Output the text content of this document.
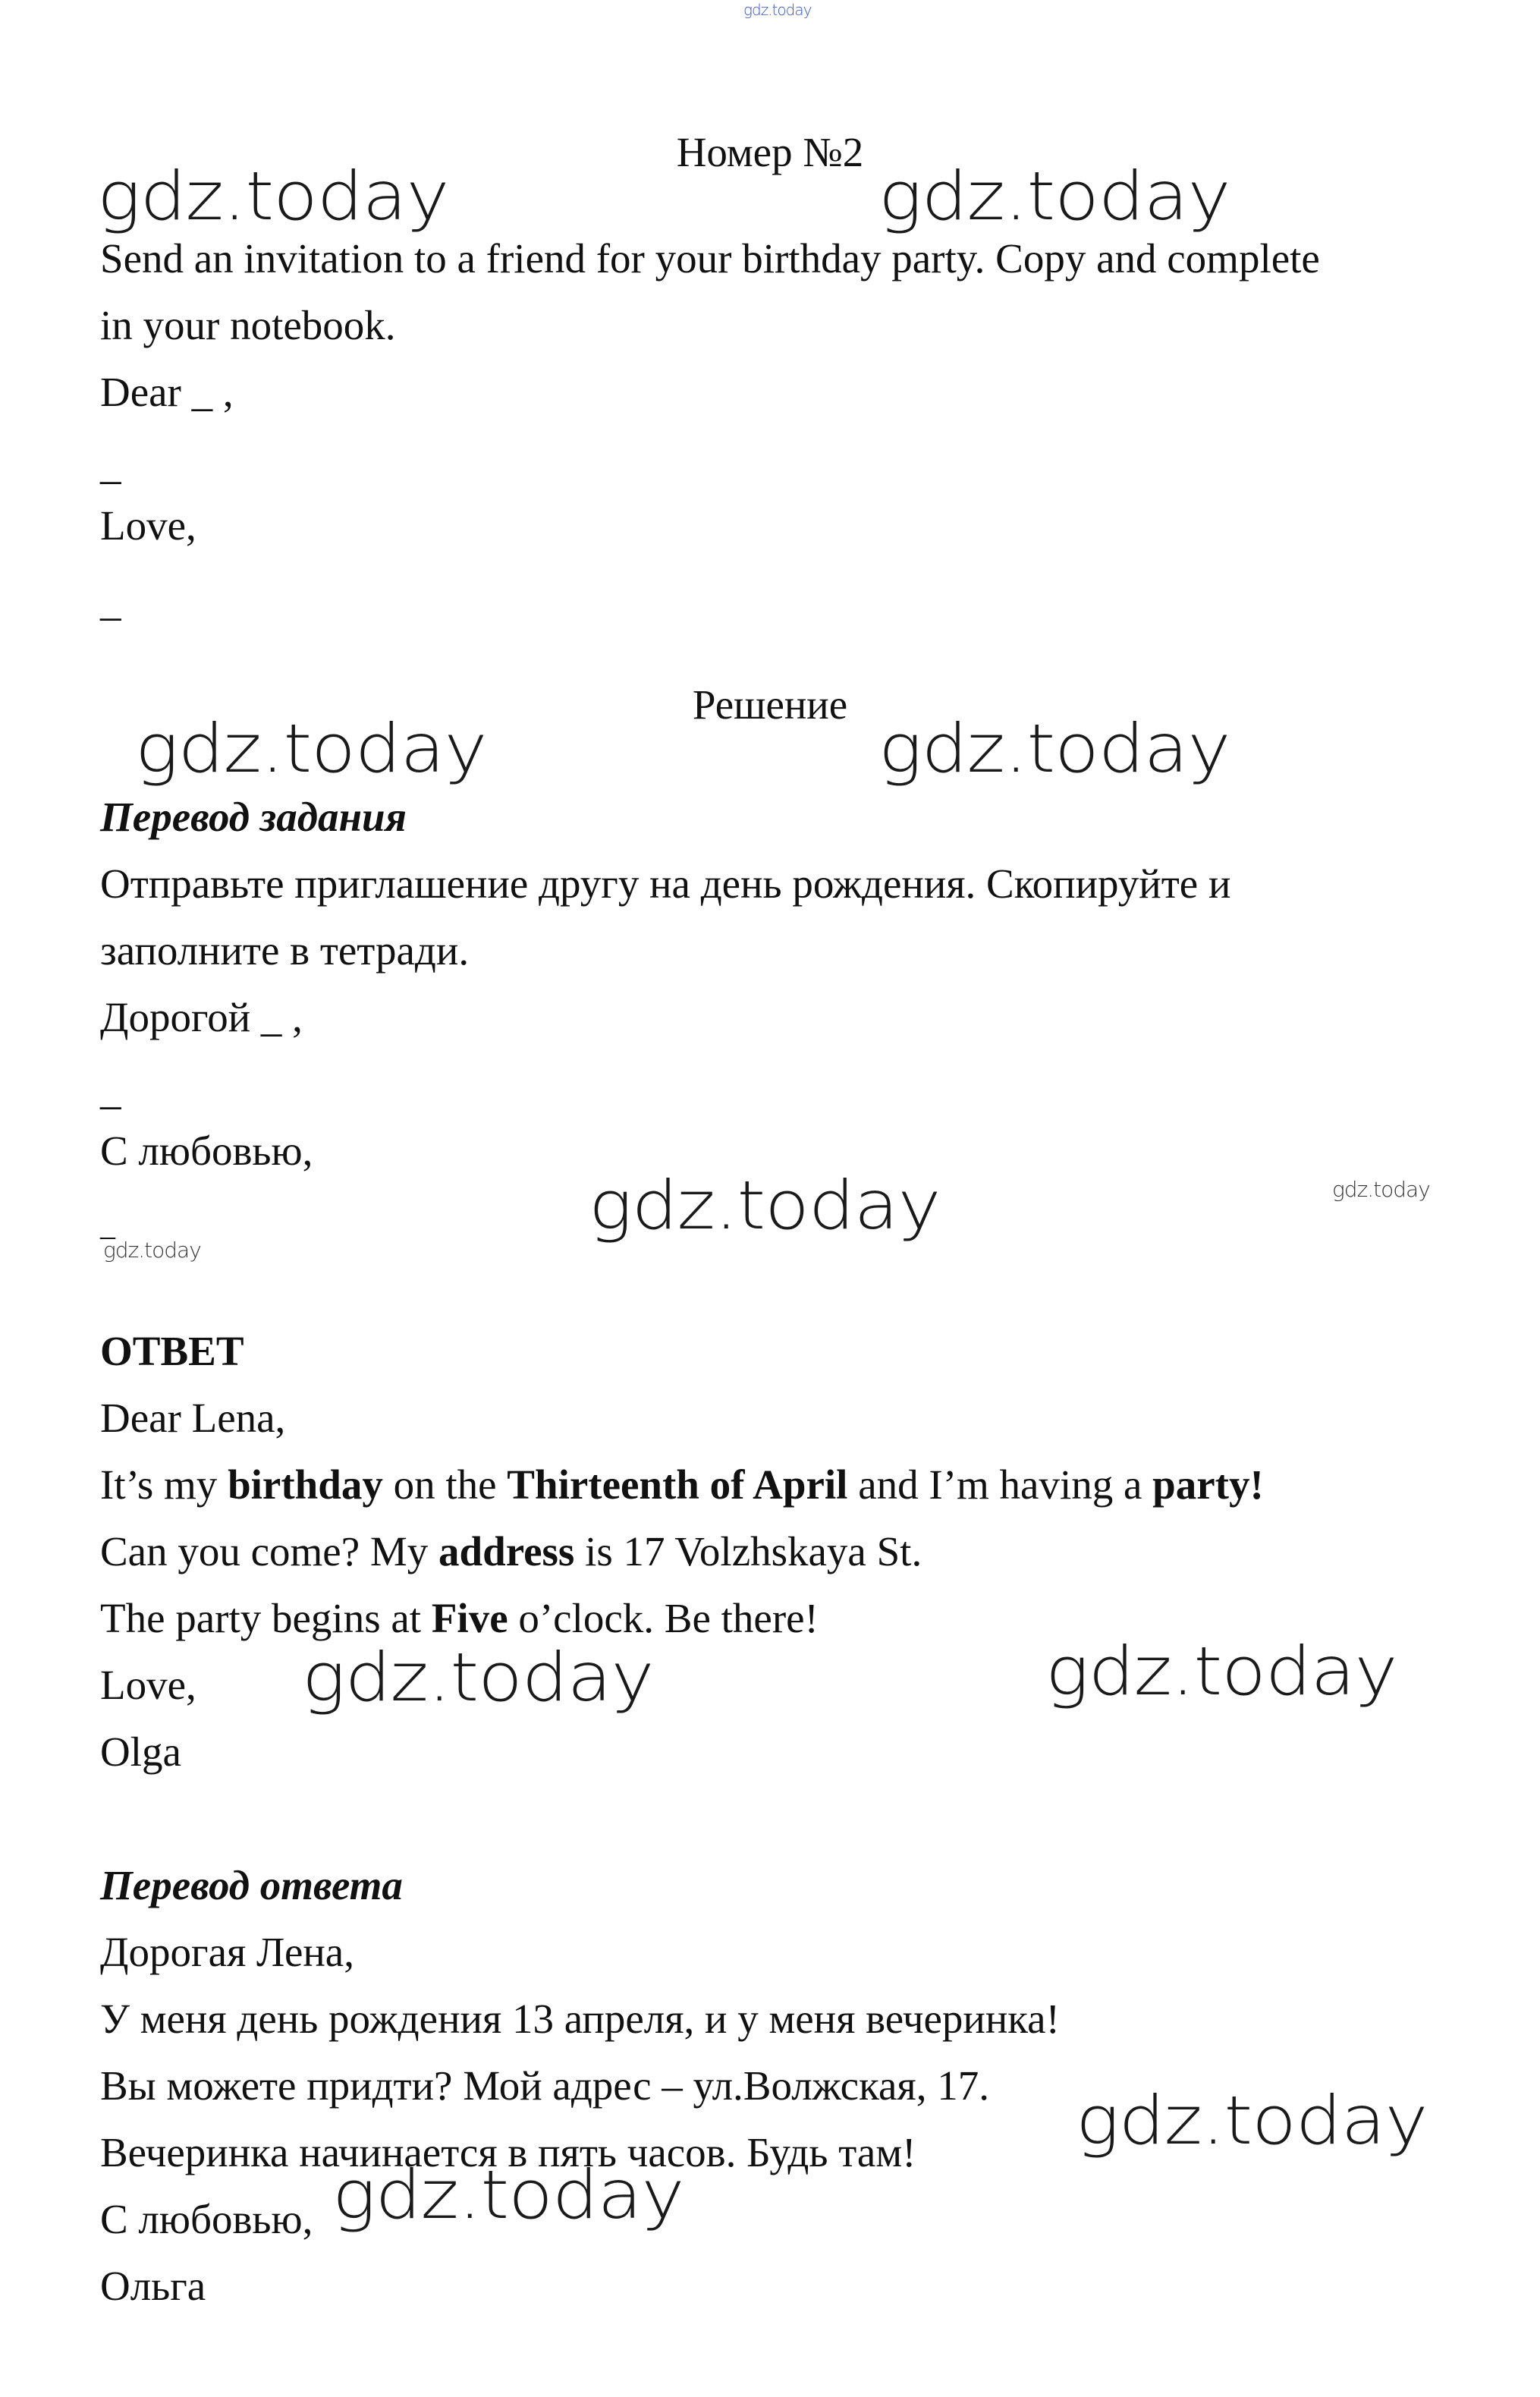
gdz.today
Номер №2
gdz.today	gdz.today
Send an invitation to a friend for your birthday party. Copy and complete
in your notebook.
Dear _ ,
_
Love,
_
Решение
gdz.today	gdz.today
Перевод задания
Отправьте приглашение другу на день рождения. Скопируйте и
заполните в тетради.
Дорогой _ ,
_
С любовью,
gdz.today	gdz.today
_
gdz.today
ОТВЕТ
Dear Lena,
It’s my birthday on the Thirteenth of April and I’m having a party!
Can you come? My address is 17 Volzhskaya St.
The party begins at Five o’clock. Be there!
Love, gdz.today	gdz.today
Olga
Перевод ответа
Дорогая Лена,
У меня день рождения 13 апреля, и у меня вечеринка!
Вы можете придти? Мой адрес – ул.Волжская, 17.
Вечеринка начинается в пять часов. Будь там! gdz.today
С любовью, gdz.today
Ольга
